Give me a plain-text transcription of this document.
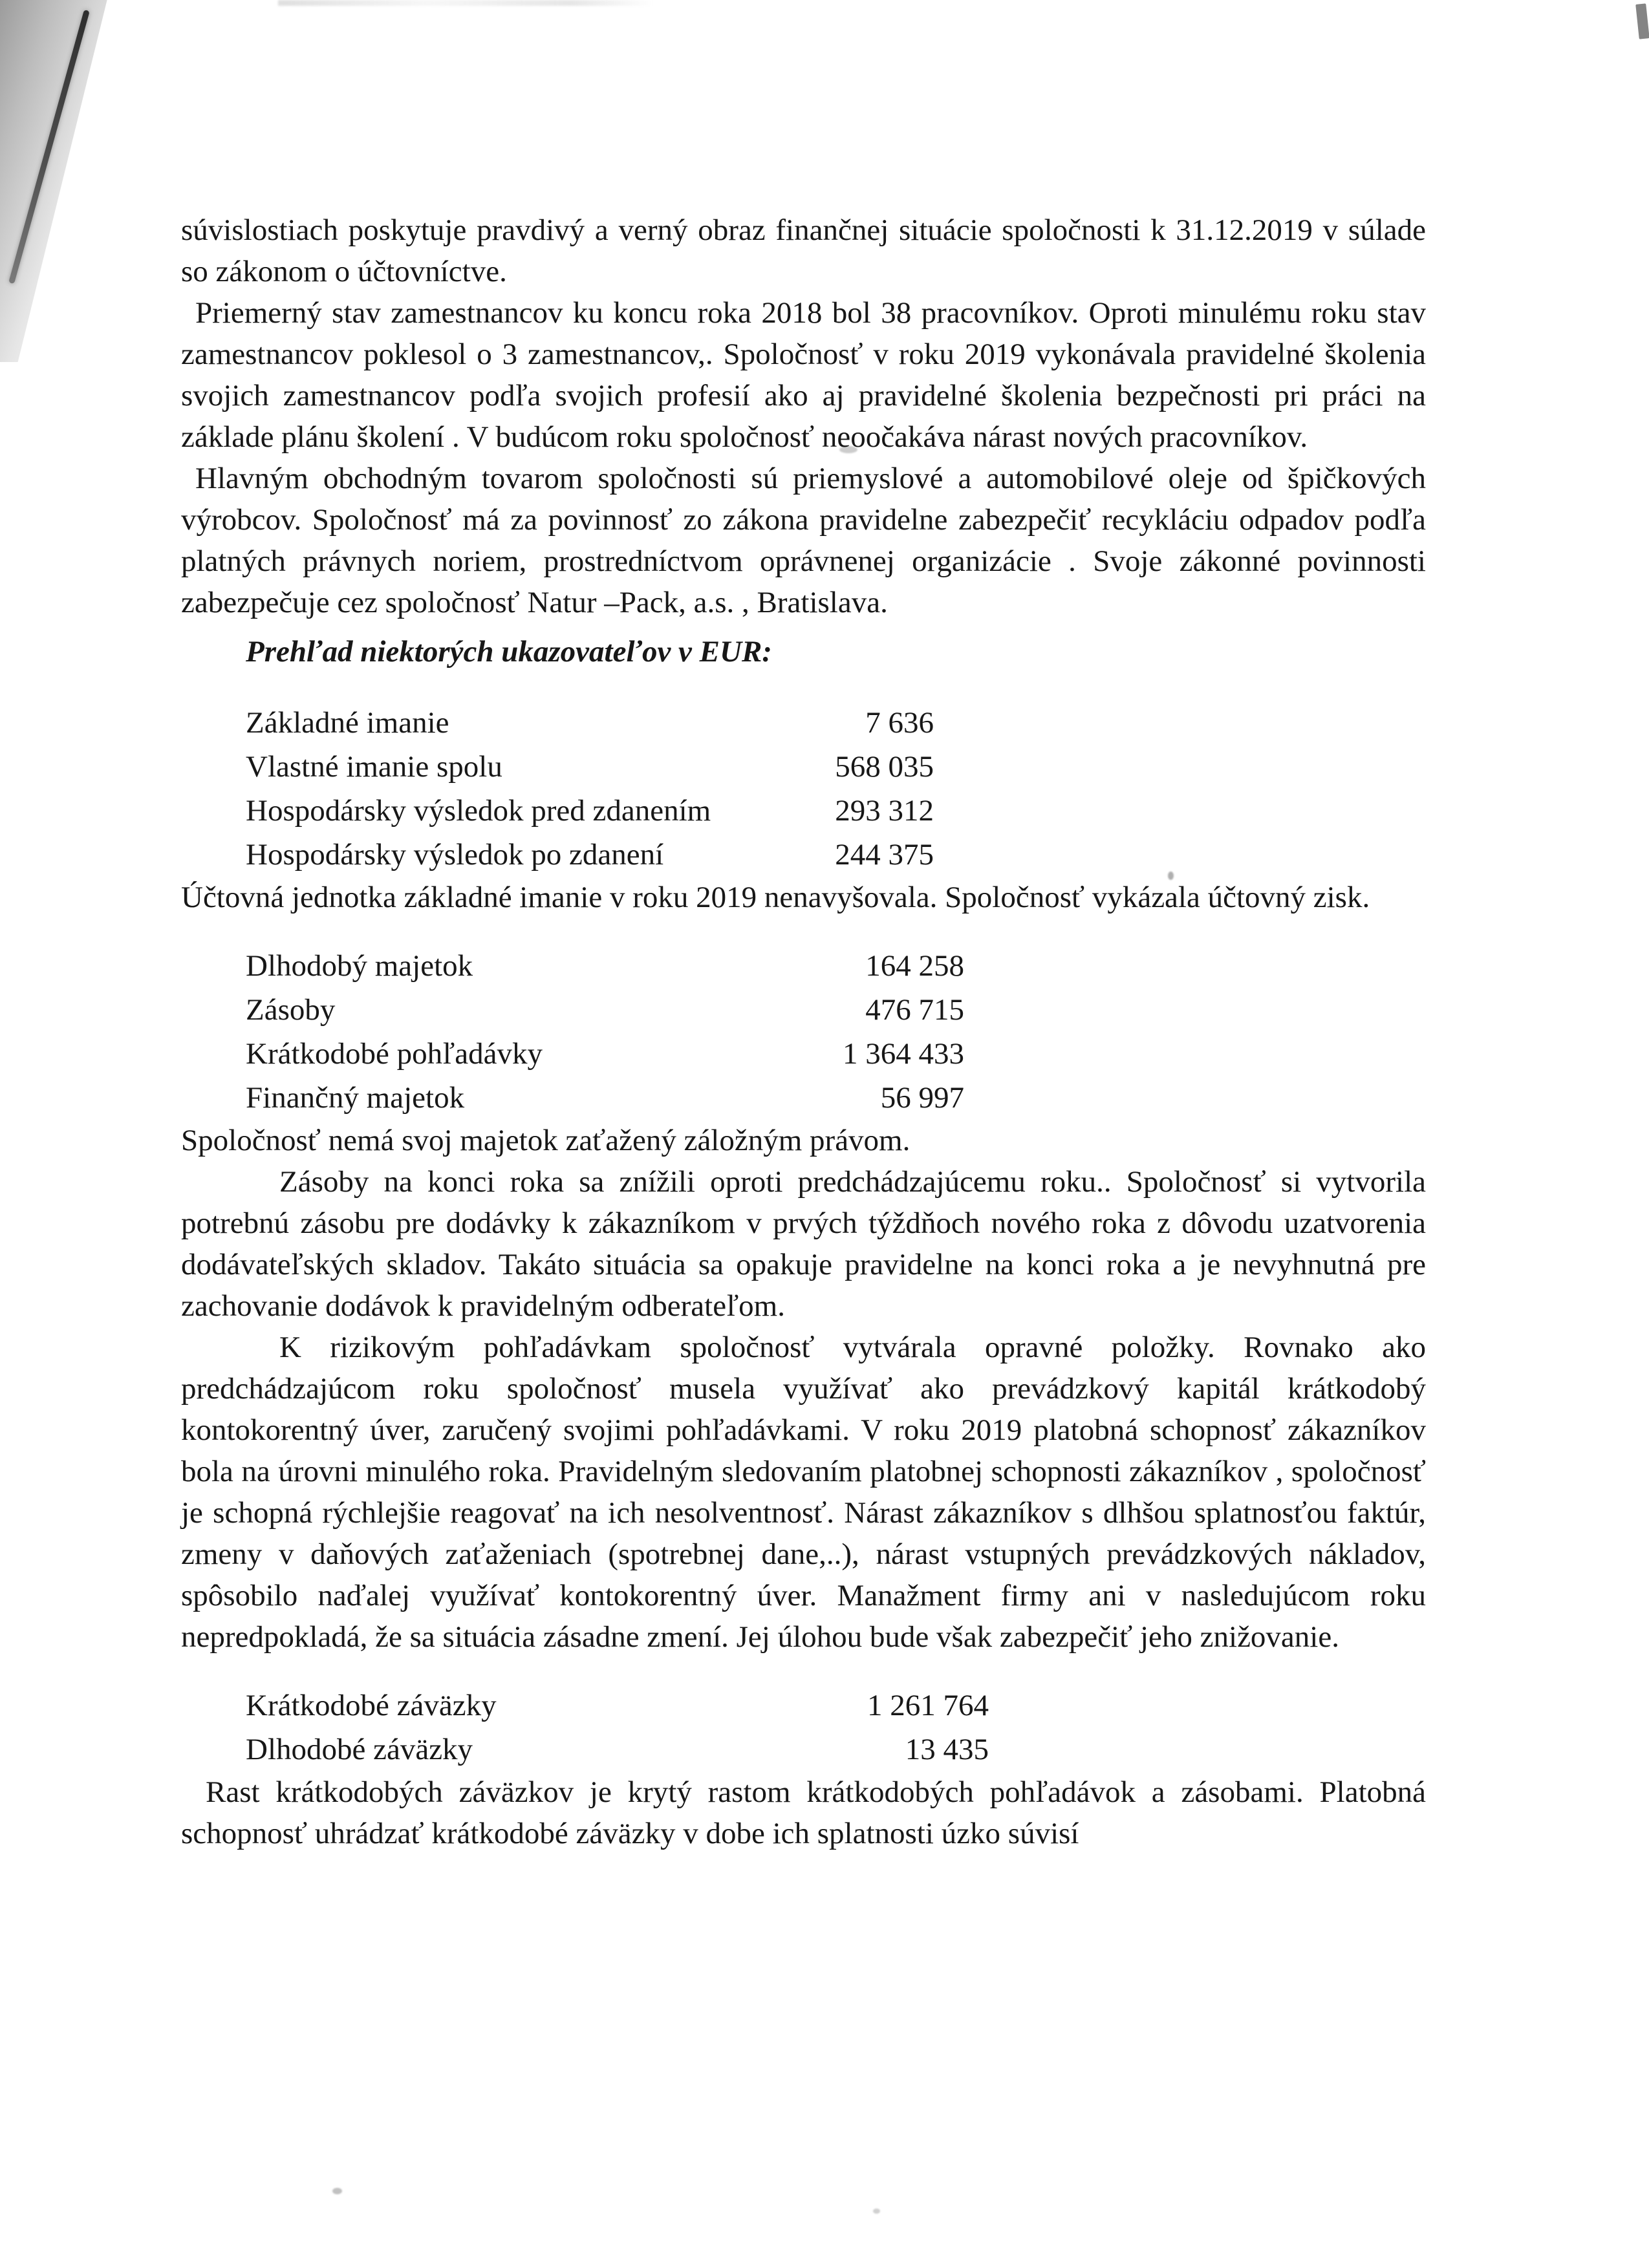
súvislostiach poskytuje pravdivý a verný obraz finančnej situácie spoločnosti k 31.12.2019 v súlade so zákonom o účtovníctve.

Priemerný stav zamestnancov ku koncu roka 2018 bol 38 pracovníkov. Oproti minulému roku stav zamestnancov poklesol o 3 zamestnancov,. Spoločnosť v roku 2019 vykonávala pravidelné školenia svojich zamestnancov podľa svojich profesií ako aj pravidelné školenia bezpečnosti pri práci na základe plánu školení . V budúcom roku spoločnosť neoočakáva nárast nových pracovníkov.

Hlavným obchodným tovarom spoločnosti sú priemyslové a automobilové oleje od špičkových výrobcov. Spoločnosť má za povinnosť zo zákona pravidelne zabezpečiť recykláciu odpadov podľa platných právnych noriem, prostredníctvom oprávnenej organizácie . Svoje zákonné povinnosti zabezpečuje cez spoločnosť Natur –Pack, a.s. , Bratislava.

Prehľad niektorých ukazovateľov v EUR:
Základné imanie	7 636
Vlastné imanie spolu	568 035
Hospodársky výsledok pred zdanením	293 312
Hospodársky výsledok po zdanení	244 375

Účtovná jednotka základné imanie v roku 2019 nenavyšovala. Spoločnosť vykázala účtovný zisk.

Dlhodobý majetok	164 258
Zásoby	476 715
Krátkodobé pohľadávky	1 364 433
Finančný majetok	56 997

Spoločnosť nemá svoj majetok zaťažený záložným právom.

Zásoby na konci roka sa znížili oproti predchádzajúcemu roku.. Spoločnosť si vytvorila potrebnú zásobu pre dodávky k zákazníkom v prvých týždňoch nového roka z dôvodu uzatvorenia dodávateľských skladov. Takáto situácia sa opakuje pravidelne na konci roka a je nevyhnutná pre zachovanie dodávok k pravidelným odberateľom.

K rizikovým pohľadávkam spoločnosť vytvárala opravné položky. Rovnako ako predchádzajúcom roku spoločnosť musela využívať ako prevádzkový kapitál krátkodobý kontokorentný úver, zaručený svojimi pohľadávkami. V roku 2019 platobná schopnosť zákazníkov bola na úrovni minulého roka. Pravidelným sledovaním platobnej schopnosti zákazníkov , spoločnosť je schopná rýchlejšie reagovať na ich nesolventnosť. Nárast zákazníkov s dlhšou splatnosťou faktúr, zmeny v daňových zaťaženiach (spotrebnej dane,..), nárast vstupných prevádzkových nákladov, spôsobilo naďalej využívať kontokorentný úver. Manažment firmy ani v nasledujúcom roku nepredpokladá, že sa situácia zásadne zmení. Jej úlohou bude však zabezpečiť jeho znižovanie.

Krátkodobé záväzky	1 261 764
Dlhodobé záväzky	13 435

Rast krátkodobých záväzkov je krytý rastom krátkodobých pohľadávok a zásobami. Platobná schopnosť uhrádzať krátkodobé záväzky v dobe ich splatnosti úzko súvisí
